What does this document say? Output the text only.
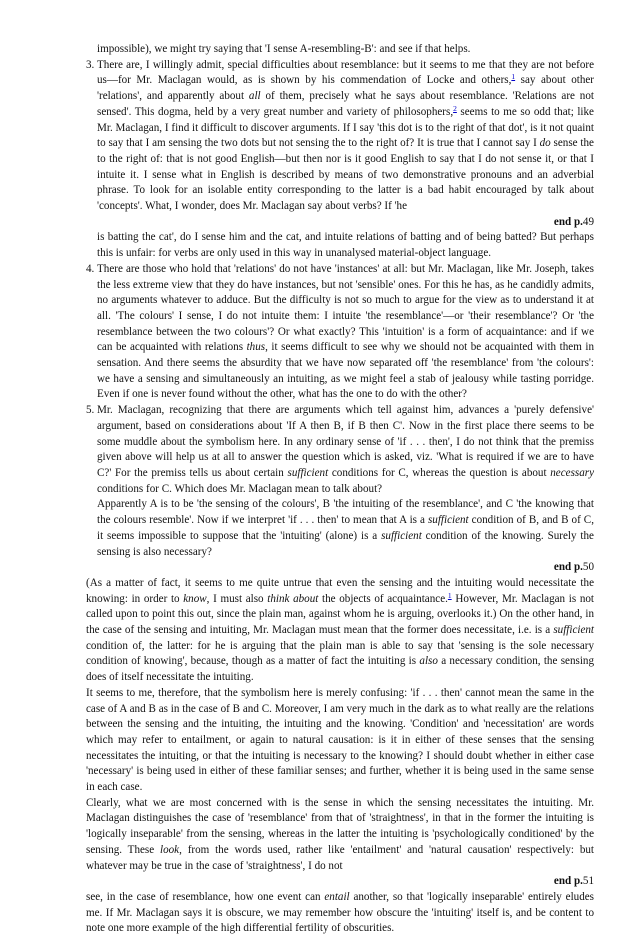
impossible), we might try saying that 'I sense A-resembling-B': and see if that helps.

3. There are, I willingly admit, special difficulties about resemblance: but it seems to me that they are not before us—for Mr. Maclagan would, as is shown by his commendation of Locke and others,$^1$ say about other 'relations', and apparently about all of them, precisely what he says about resemblance. 'Relations are not sensed'. This dogma, held by a very great number and variety of philosophers,$^2$ seems to me so odd that; like Mr. Maclagan, I find it difficult to discover arguments. If I say 'this dot is to the right of that dot', is it not quaint to say that I am sensing the two dots but not sensing the to the right of? It is true that I cannot say I do sense the to the right of: that is not good English—but then nor is it good English to say that I do not sense it, or that I intuite it. I sense what in English is described by means of two demonstrative pronouns and an adverbial phrase. To look for an isolable entity corresponding to the latter is a bad habit encouraged by talk about 'concepts'. What, I wonder, does Mr. Maclagan say about verbs? If 'he

end p.49

is batting the cat', do I sense him and the cat, and intuite relations of batting and of being batted? But perhaps this is unfair: for verbs are only used in this way in unanalysed material-object language.

4. There are those who hold that 'relations' do not have 'instances' at all: but Mr. Maclagan, like Mr. Joseph, takes the less extreme view that they do have instances, but not 'sensible' ones. For this he has, as he candidly admits, no arguments whatever to adduce. But the difficulty is not so much to argue for the view as to understand it at all. 'The colours' I sense, I do not intuite them: I intuite 'the resemblance'—or 'their resemblance'? Or 'the resemblance between the two colours'? Or what exactly? This 'intuition' is a form of acquaintance: and if we can be acquainted with relations thus, it seems difficult to see why we should not be acquainted with them in sensation. And there seems the absurdity that we have now separated off 'the resemblance' from 'the colours': we have a sensing and simultaneously an intuiting, as we might feel a stab of jealousy while tasting porridge. Even if one is never found without the other, what has the one to do with the other?

5. Mr. Maclagan, recognizing that there are arguments which tell against him, advances a 'purely defensive' argument, based on considerations about 'If A then B, if B then C'. Now in the first place there seems to be some muddle about the symbolism here. In any ordinary sense of 'if . . . then', I do not think that the premiss given above will help us at all to answer the question which is asked, viz. 'What is required if we are to have C?' For the premiss tells us about certain sufficient conditions for C, whereas the question is about necessary conditions for C. Which does Mr. Maclagan mean to talk about?

Apparently A is to be 'the sensing of the colours', B 'the intuiting of the resemblance', and C 'the knowing that the colours resemble'. Now if we interpret 'if . . . then' to mean that A is a sufficient condition of B, and B of C, it seems impossible to suppose that the 'intuiting' (alone) is a sufficient condition of the knowing. Surely the sensing is also necessary?

end p.50

(As a matter of fact, it seems to me quite untrue that even the sensing and the intuiting would necessitate the knowing: in order to know, I must also think about the objects of acquaintance.$^1$ However, Mr. Maclagan is not called upon to point this out, since the plain man, against whom he is arguing, overlooks it.) On the other hand, in the case of the sensing and intuiting, Mr. Maclagan must mean that the former does necessitate, i.e. is a sufficient condition of, the latter: for he is arguing that the plain man is able to say that 'sensing is the sole necessary condition of knowing', because, though as a matter of fact the intuiting is also a necessary condition, the sensing does of itself necessitate the intuiting.

It seems to me, therefore, that the symbolism here is merely confusing: 'if . . . then' cannot mean the same in the case of A and B as in the case of B and C. Moreover, I am very much in the dark as to what really are the relations between the sensing and the intuiting, the intuiting and the knowing. 'Condition' and 'necessitation' are words which may refer to entailment, or again to natural causation: is it in either of these senses that the sensing necessitates the intuiting, or that the intuiting is necessary to the knowing? I should doubt whether in either case 'necessary' is being used in either of these familiar senses; and further, whether it is being used in the same sense in each case.

Clearly, what we are most concerned with is the sense in which the sensing necessitates the intuiting. Mr. Maclagan distinguishes the case of 'resemblance' from that of 'straightness', in that in the former the intuiting is 'logically inseparable' from the sensing, whereas in the latter the intuiting is 'psychologically conditioned' by the sensing. These look, from the words used, rather like 'entailment' and 'natural causation' respectively: but whatever may be true in the case of 'straightness', I do not

end p.51

see, in the case of resemblance, how one event can entail another, so that 'logically inseparable' entirely eludes me. If Mr. Maclagan says it is obscure, we may remember how obscure the 'intuiting' itself is, and be content to note one more example of the high differential fertility of obscurities.
